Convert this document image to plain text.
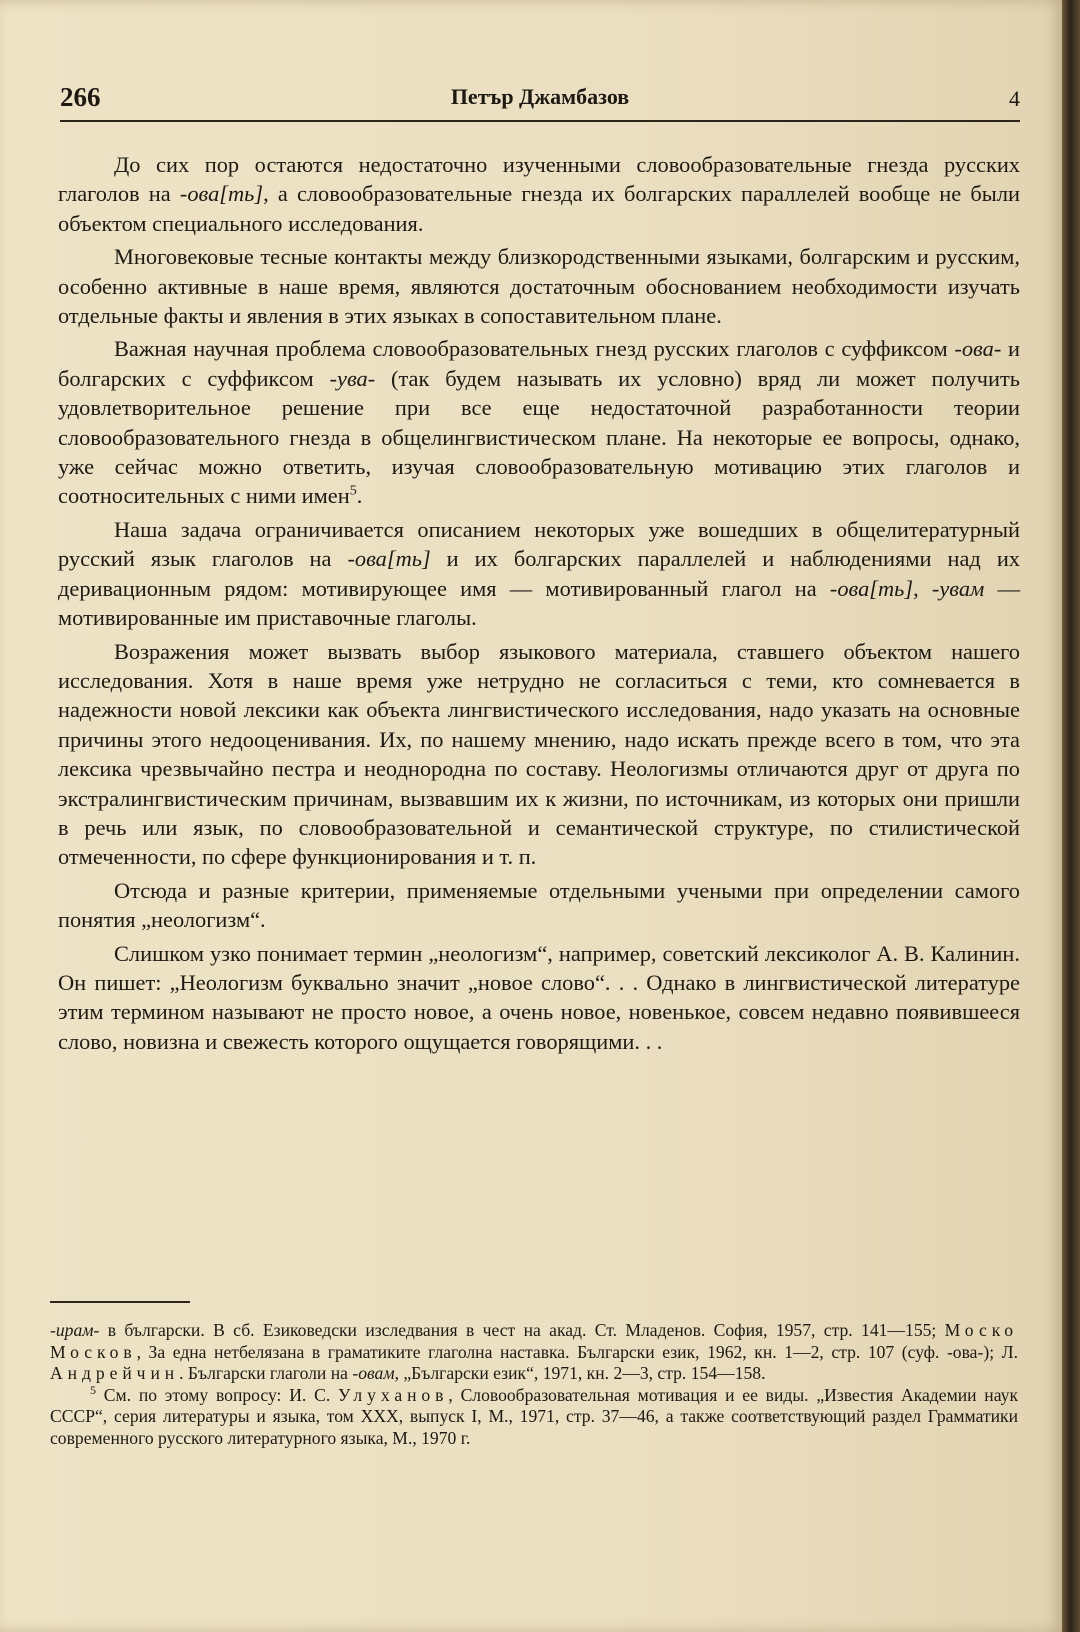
266	Петър Джамбазов	4

До сих пор остаются недостаточно изученными словообразовательные гнезда русских глаголов на -ова[ть], а словообразовательные гнезда их болгарских параллелей вообще не были объектом специального исследования.

Многовековые тесные контакты между близкородственными языками, болгарским и русским, особенно активные в наше время, являются достаточным обоснованием необходимости изучать отдельные факты и явления в этих языках в сопоставительном плане.

Важная научная проблема словообразовательных гнезд русских глаголов с суффиксом -ова- и болгарских с суффиксом -ува- (так будем называть их условно) вряд ли может получить удовлетворительное решение при все еще недостаточной разработанности теории словообразовательного гнезда в общелингвистическом плане. На некоторые ее вопросы, однако, уже сейчас можно ответить, изучая словообразовательную мотивацию этих глаголов и соотносительных с ними имен$^5$.

Наша задача ограничивается описанием некоторых уже вошедших в общелитературный русский язык глаголов на -ова[ть] и их болгарских параллелей и наблюдениями над их деривационным рядом: мотивирующее имя — мотивированный глагол на -ова[ть], -увам — мотивированные им приставочные глаголы.

Возражения может вызвать выбор языкового материала, ставшего объектом нашего исследования. Хотя в наше время уже нетрудно не согласиться с теми, кто сомневается в надежности новой лексики как объекта лингвистического исследования, надо указать на основные причины этого недооценивания. Их, по нашему мнению, надо искать прежде всего в том, что эта лексика чрезвычайно пестра и неоднородна по составу. Неологизмы отличаются друг от друга по экстралингвистическим причинам, вызвавшим их к жизни, по источникам, из которых они пришли в речь или язык, по словообразовательной и семантической структуре, по стилистической отмеченности, по сфере функционирования и т. п.

Отсюда и разные критерии, применяемые отдельными учеными при определении самого понятия „неологизм“.

Слишком узко понимает термин „неологизм“, например, советский лексиколог А. В. Калинин. Он пишет: „Неологизм буквально значит „новое слово“. . . Однако в лингвистической литературе этим термином называют не просто новое, а очень новое, новенькое, совсем недавно появившееся слово, новизна и свежесть которого ощущается говорящими. . .

-ирам- в български. В сб. Езиковедски изследвания в чест на акад. Ст. Младенов. София, 1957, стр. 141—155; Моско Москов, За една нетбелязана в граматиките глаголна наставка. Български език, 1962, кн. 1—2, стр. 107 (суф. -ова-); Л. Андрейчин. Български глаголи на -овам, „Български език“, 1971, кн. 2—3, стр. 154—158.

$^5$ См. по этому вопросу: И. С. Улуханов, Словообразовательная мотивация и ее виды. „Известия Академии наук СССР“, серия литературы и языка, том XXX, выпуск I, М., 1971, стр. 37—46, а также соответствующий раздел Грамматики современного русского литературного языка, М., 1970 г.
